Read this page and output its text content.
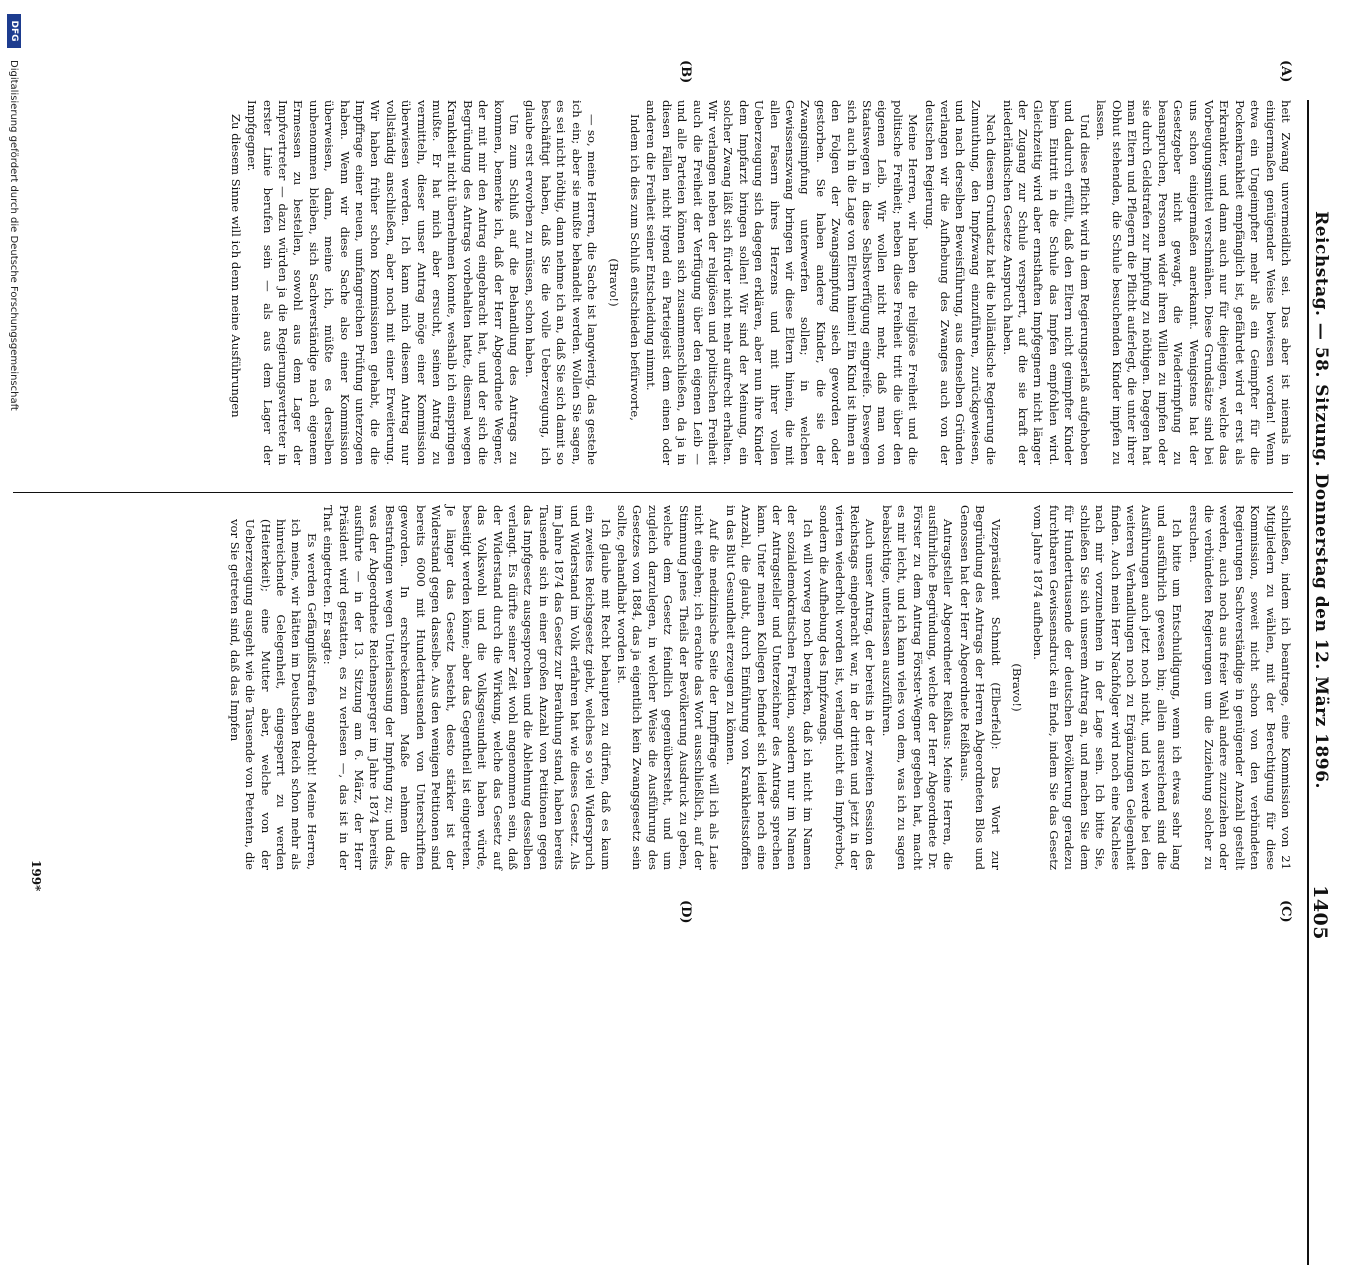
Reichstag. — 58. Sitzung. Donnerstag den 12. März 1896.
1405
(A)
(B)
(C)
(D)

heit Zwang unvermeidlich sei. Das aber ist niemals in einigermaßen genügender Weise bewiesen worden! Wenn etwa ein Ungeimpfter mehr als ein Geimpfter für die Pockenkrankheit empfänglich ist, gefährdet wird er erst als Erkrankter, und dann auch nur für diejenigen, welche das Vorbeugungsmittel verschmähen. Diese Grundsätze sind bei uns schon einigermaßen anerkannt. Wenigstens hat der Gesetzgeber nicht gewagt, die Wiederimpfung zu beanspruchen, Personen wider ihren Willen zu impfen oder sie durch Geldstrafen zur Impfung zu nöthigen. Dagegen hat man Eltern und Pflegern die Pflicht auferlegt, die unter ihrer Obhut stehenden, die Schule besuchenden Kinder impfen zu lassen.

Und diese Pflicht wird in dem Regierungserlaß aufgehoben und dadurch erfüllt, daß den Eltern nicht geimpfter Kinder beim Eintritt in die Schule das Impfen empfohlen wird. Gleichzeitig wird aber ernsthaften Impfgegnern nicht länger der Zugang zur Schule versperrt, auf die sie kraft der niederländischen Gesetze Anspruch haben.

Nach diesem Grundsatz hat die holländische Regierung die Zumuthung, den Impfzwang einzuführen, zurückgewiesen, und nach derselben Beweisführung, aus denselben Gründen verlangen wir die Aufhebung des Zwanges auch von der deutschen Regierung.

Meine Herren, wir haben die religiöse Freiheit und die politische Freiheit; neben diese Freiheit tritt die über den eigenen Leib. Wir wollen nicht mehr, daß man von Staatswegen in diese Selbstverfügung eingreife. Deswegen sich auch in die Lage von Eltern hinein! Ein Kind ist ihnen an den Folgen der Zwangsimpfung siech geworden oder gestorben. Sie haben andere Kinder, die sie der Zwangsimpfung unterwerfen sollen; in welchen Gewissenszwang bringen wir diese Eltern hinein, die mit allen Fasern ihres Herzens und mit ihrer vollen Ueberzeugung sich dagegen erklären, aber nun ihre Kinder dem Impfarzt bringen sollen! Wir sind der Meinung, ein solcher Zwang läßt sich fürder nicht mehr aufrecht erhalten. Wir verlangen neben der religiösen und politischen Freiheit auch die Freiheit der Verfügung über den eigenen Leib — und alle Parteien können sich zusammenschließen, da ja in diesen Fällen nicht irgend ein Parteigeist dem einen oder anderen die Freiheit seiner Entscheidung nimmt.

Indem ich dies zum Schluß entschieden befürworte,

(Bravo!)

— so, meine Herren, die Sache ist langwierig, das gestehe ich ein; aber sie mußte behandelt werden. Wollen Sie sagen, es sei nicht nöthig, dann nehme ich an, daß Sie sich damit so beschäftigt haben, daß Sie die volle Ueberzeugung, ich glaube erst erworben zu müssen, schon haben.

Um zum Schluß auf die Behandlung des Antrags zu kommen, bemerke ich, daß der Herr Abgeordnete Wegner, der mit mir den Antrag eingebracht hat, und der sich die Begründung des Antrags vorbehalten hatte, diesmal wegen Krankheit nicht übernehmen konnte, weshalb ich einspringen mußte. Er hat mich aber ersucht, seinen Antrag zu vermitteln, dieser unser Antrag möge einer Kommission überwiesen werden. Ich kann mich diesem Antrag nur vollständig anschließen, aber noch mit einer Erweiterung. Wir haben früher schon Kommissionen gehabt, die die Impffrage einer neuen, umfangreichen Prüfung unterzogen haben. Wenn wir diese Sache also einer Kommission überweisen, dann, meine ich, müßte es derselben unbenommen bleiben, sich Sachverständige nach eigenem Ermessen zu bestellen, sowohl aus dem Lager der Impfvertreter — dazu würden ja die Regierungsvertreter in erster Linie berufen sein — als aus dem Lager der Impfgegner.

Zu diesem Sinne will ich denn meine Ausführungen

schließen, indem ich beantrage, eine Kommission von 21 Mitgliedern zu wählen, mit der Berechtigung für diese Kommission, soweit nicht schon von den verbündeten Regierungen Sachverständige in genügender Anzahl gestellt werden, auch noch aus freier Wahl andere zuzuziehen oder die verbündeten Regierungen um die Zuziehung solcher zu ersuchen.

Ich bitte um Entschuldigung, wenn ich etwas sehr lang und ausführlich gewesen bin; allein ausreichend sind die Ausführungen auch jetzt noch nicht, und ich werde bei den weiteren Verhandlungen noch zu Ergänzungen Gelegenheit finden. Auch mein Herr Nachfolger wird noch eine Nachlese nach mir vorzunehmen in der Lage sein. Ich bitte Sie, schließen Sie sich unserem Antrag an, und machen Sie dem für Hunderttausende der deutschen Bevölkerung geradezu furchtbaren Gewissensdruck ein Ende, indem Sie das Gesetz vom Jahre 1874 aufheben.

(Bravo!)

Vizepräsident Schmidt (Elberfeld): Das Wort zur Begründung des Antrags der Herren Abgeordneten Blos und Genossen hat der Herr Abgeordnete Reißhaus.

Antragsteller Abgeordneter Reißhaus: Meine Herren, die ausführliche Begründung, welche der Herr Abgeordnete Dr. Förster zu dem Antrag Förster-Wegner gegeben hat, macht es mir leicht, und ich kann vieles von dem, was ich zu sagen beabsichtige, unterlassen auszuführen.

Auch unser Antrag, der bereits in der zweiten Session des Reichstags eingebracht war, in der dritten und jetzt in der vierten wiederholt worden ist, verlangt nicht ein Impfverbot, sondern die Aufhebung des Impfzwangs.

Ich will vorweg noch bemerken, daß ich nicht im Namen der sozialdemokratischen Fraktion, sondern nur im Namen der Antragsteller und Unterzeichner des Antrags sprechen kann. Unter meinen Kollegen befindet sich leider noch eine Anzahl, die glaubt, durch Einführung von Krankheitsstoffen in das Blut Gesundheit erzeugen zu können.

Auf die medizinische Seite der Impffrage will ich als Laie nicht eingehen; ich erachte das Wort ausschließlich, auf der Stimmung jenes Theils der Bevölkerung Ausdruck zu geben, welche dem Gesetz feindlich gegenübersteht, und um zugleich darzulegen, in welcher Weise die Ausführung des Gesetzes von 1884, das ja eigentlich kein Zwangsgesetz sein sollte, gehandhabt worden ist.

Ich glaube mit Recht behaupten zu dürfen, daß es kaum ein zweites Reichsgesetz giebt, welches so viel Widerspruch und Widerstand im Volk erfahren hat wie dieses Gesetz. Als im Jahre 1874 das Gesetz zur Berathung stand, haben bereits Tausende sich in einer großen Anzahl von Petitionen gegen das Impfgesetz ausgesprochen und die Ablehnung desselben verlangt. Es dürfte seiner Zeit wohl angenommen sein, daß der Widerstand durch die Wirkung, welche das Gesetz auf das Volkswohl und die Volksgesundheit haben würde, beseitigt werden könne; aber das Gegentheil ist eingetreten. Je länger das Gesetz besteht, desto stärker ist der Widerstand gegen dasselbe. Aus den wenigen Petitionen sind bereits 6000 mit Hunderttausenden von Unterschriften geworden. In erschreckendem Maße nehmen die Bestrafungen wegen Unterlassung der Impfung zu; und das, was der Abgeordnete Reichensperger im Jahre 1874 bereits ausführte — in der 13. Sitzung am 6. März, der Herr Präsident wird gestatten, es zu verlesen —, das ist in der That eingetreten. Er sagte:

Es werden Gefängnißstrafen angedroht! Meine Herren, ich meine, wir hätten im Deutschen Reich schon mehr als hinreichende Gelegenheit, eingesperrt zu werden (Heiterkeit); eine Mutter aber, welche von der Ueberzeugung ausgeht wie die Tausende von Petenten, die vor Sie getreten sind, daß das Impfen

199*
DFG
Digitalisierung gefördert durch die Deutsche Forschungsgemeinschaft
